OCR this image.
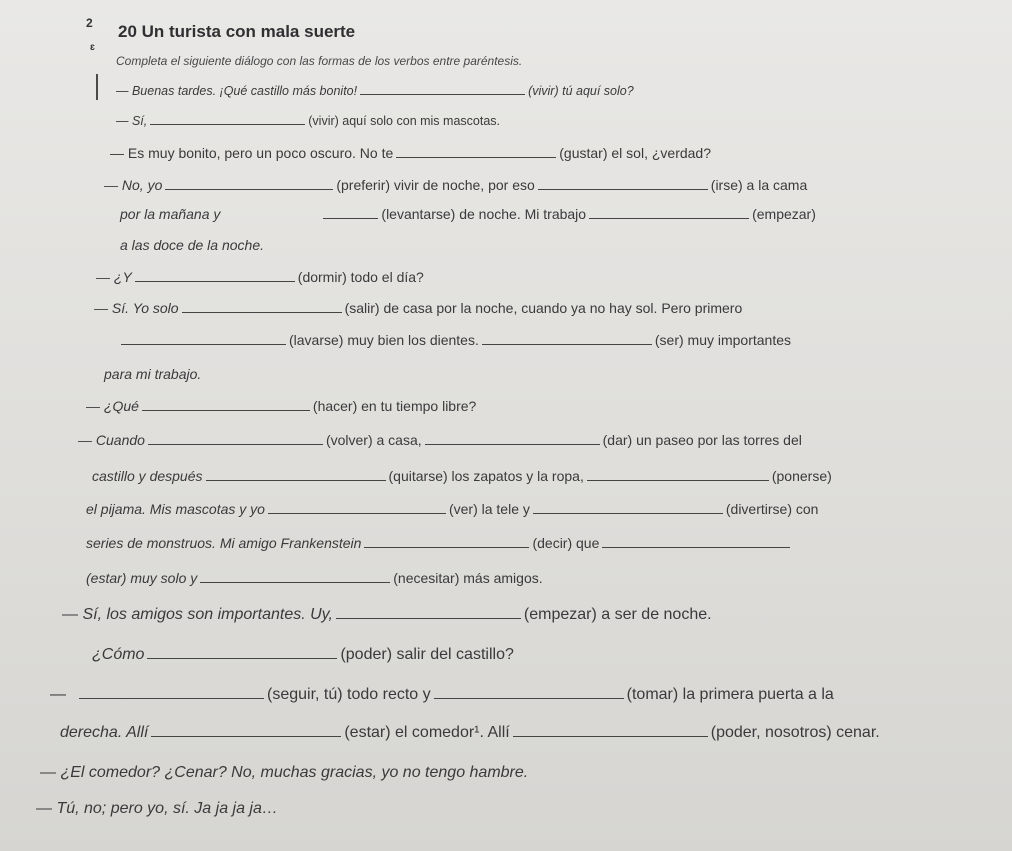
2
ɛ
20 Un turista con mala suerte
Completa el siguiente diálogo con las formas de los verbos entre paréntesis.
— Buenas tardes. ¡Qué castillo más bonito!	(vivir) tú aquí solo?
— Sí,	(vivir) aquí solo con mis mascotas.
— Es muy bonito, pero un poco oscuro. No te	(gustar) el sol, ¿verdad?
— No, yo	(preferir) vivir de noche, por eso	(irse) a la cama
por la mañana y	(levantarse) de noche. Mi trabajo	(empezar)
a las doce de la noche.
— ¿Y	(dormir) todo el día?
— Sí. Yo solo	(salir) de casa por la noche, cuando ya no hay sol. Pero primero
(lavarse) muy bien los dientes.	(ser) muy importantes
para mi trabajo.
— ¿Qué	(hacer) en tu tiempo libre?
— Cuando	(volver) a casa,	(dar) un paseo por las torres del
castillo y después	(quitarse) los zapatos y la ropa,	(ponerse)
el pijama. Mis mascotas y yo	(ver) la tele y	(divertirse) con
series de monstruos. Mi amigo Frankenstein	(decir) que
(estar) muy solo y	(necesitar) más amigos.
— Sí, los amigos son importantes. Uy,	(empezar) a ser de noche.
¿Cómo	(poder) salir del castillo?
—	(seguir, tú) todo recto y	(tomar) la primera puerta a la
derecha. Allí	(estar) el comedor¹. Allí	(poder, nosotros) cenar.
— ¿El comedor? ¿Cenar? No, muchas gracias, yo no tengo hambre.
— Tú, no; pero yo, sí. Ja ja ja ja…
